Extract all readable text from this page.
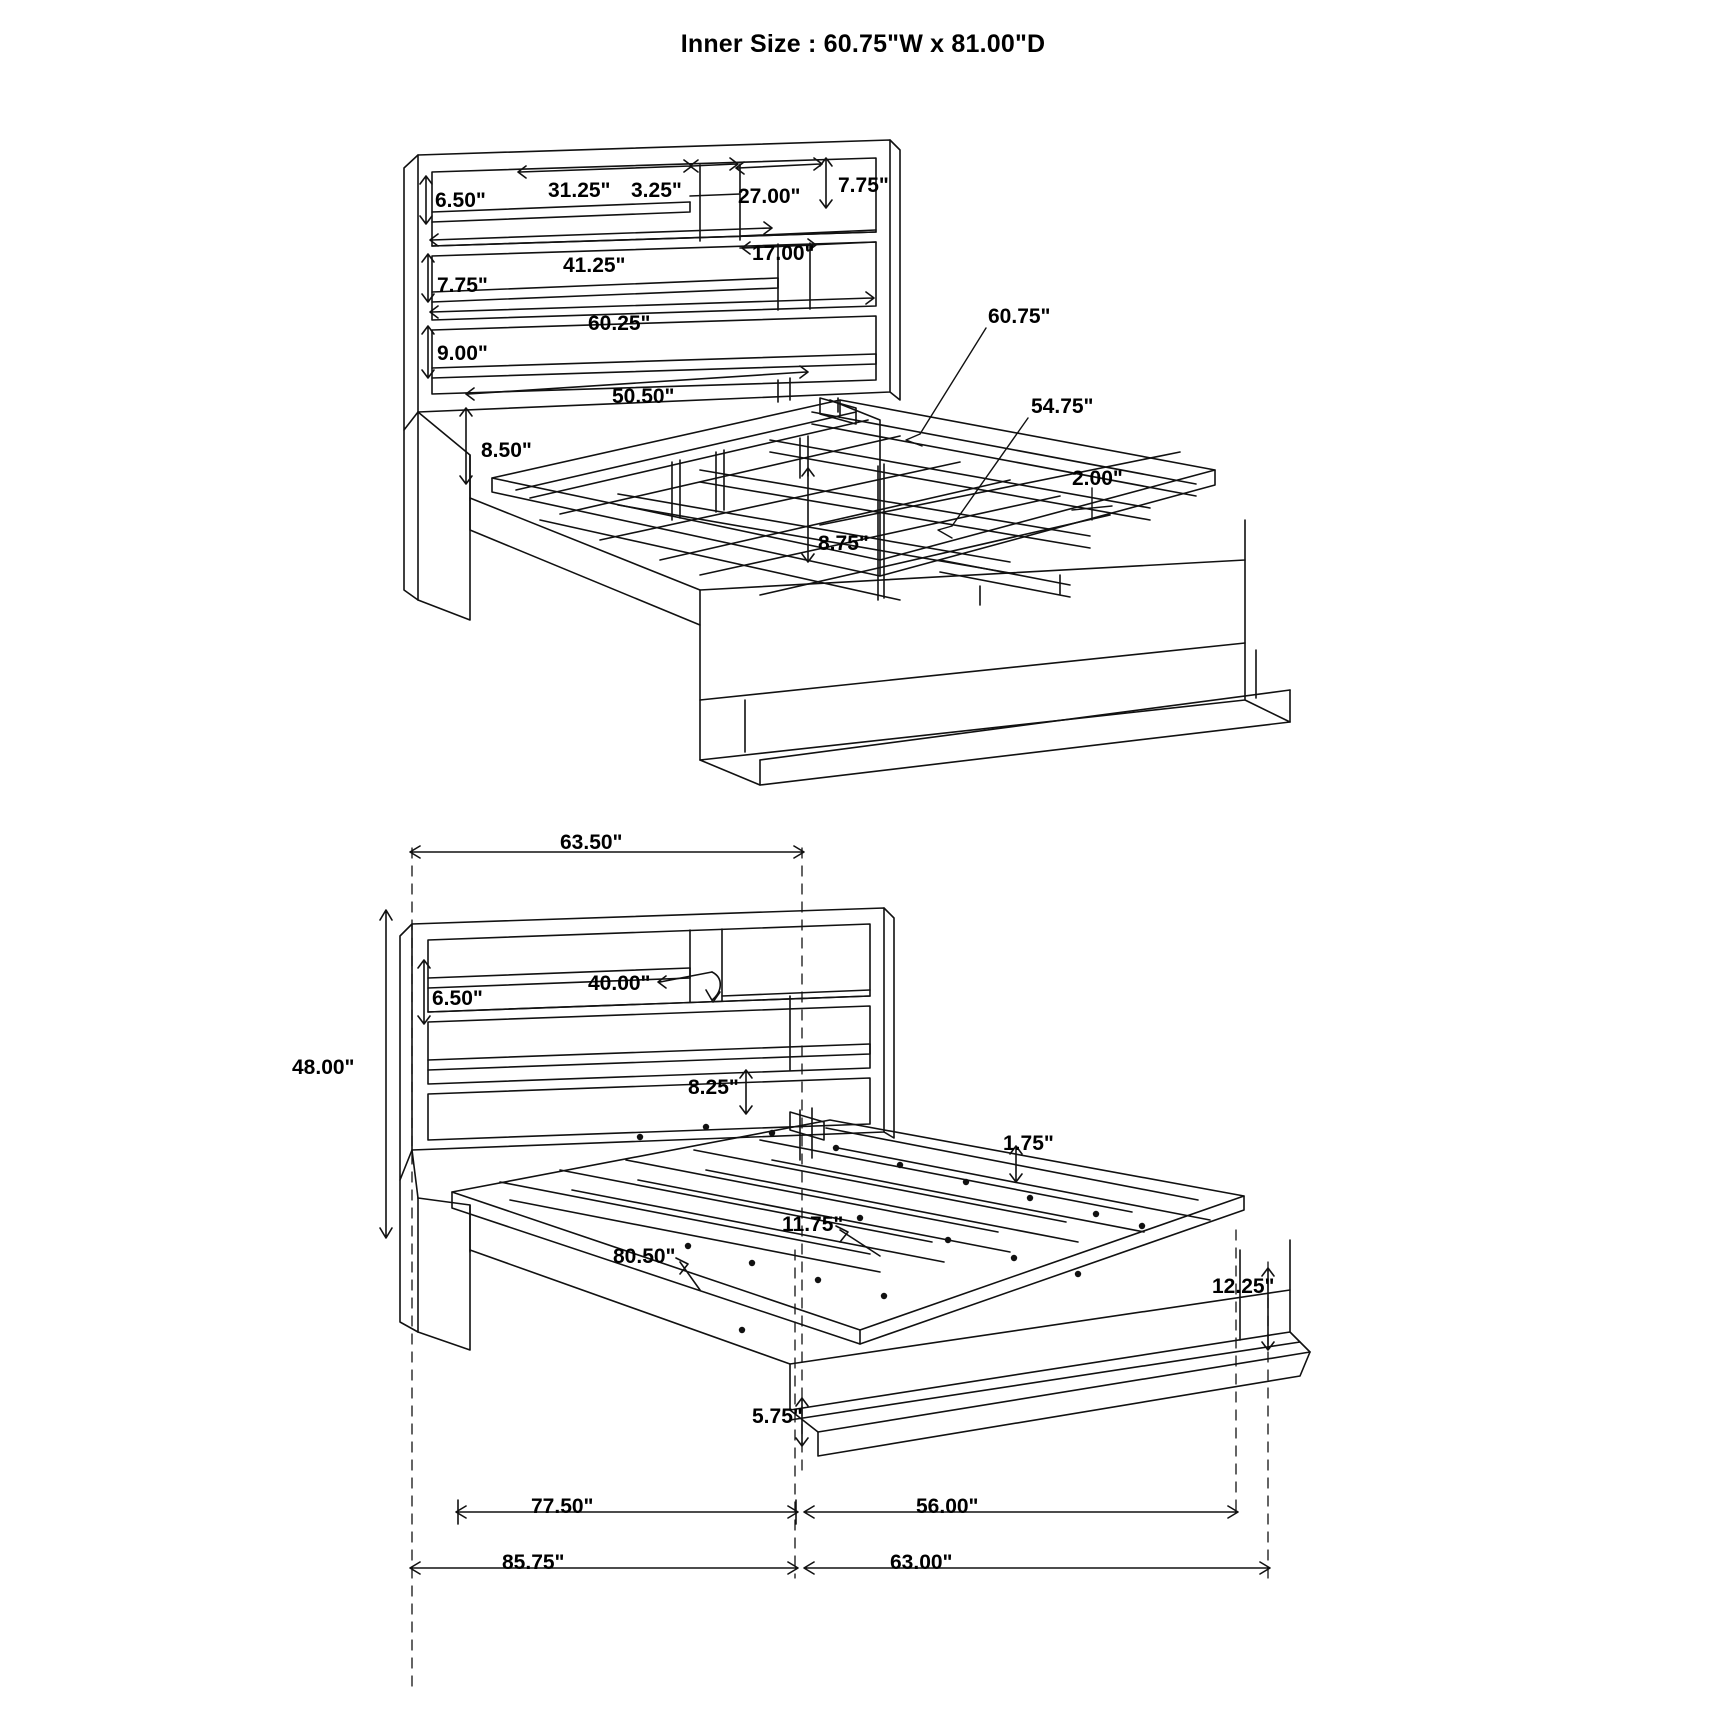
Inner Size : 60.75"W x 81.00"D
6.50"	31.25" 3.25"	27.00" 7.75"
17.00"
41.25"
7.75"
60.25"
9.00"
50.50"
8.50"
60.75"
54.75"
2.00"
8.75"
63.50"
48.00"
6.50"
40.00"
8.25"
1.75"
11.75"
80.50"
12.25"
5.75"
77.50"	56.00"
85.75"	63.00"
